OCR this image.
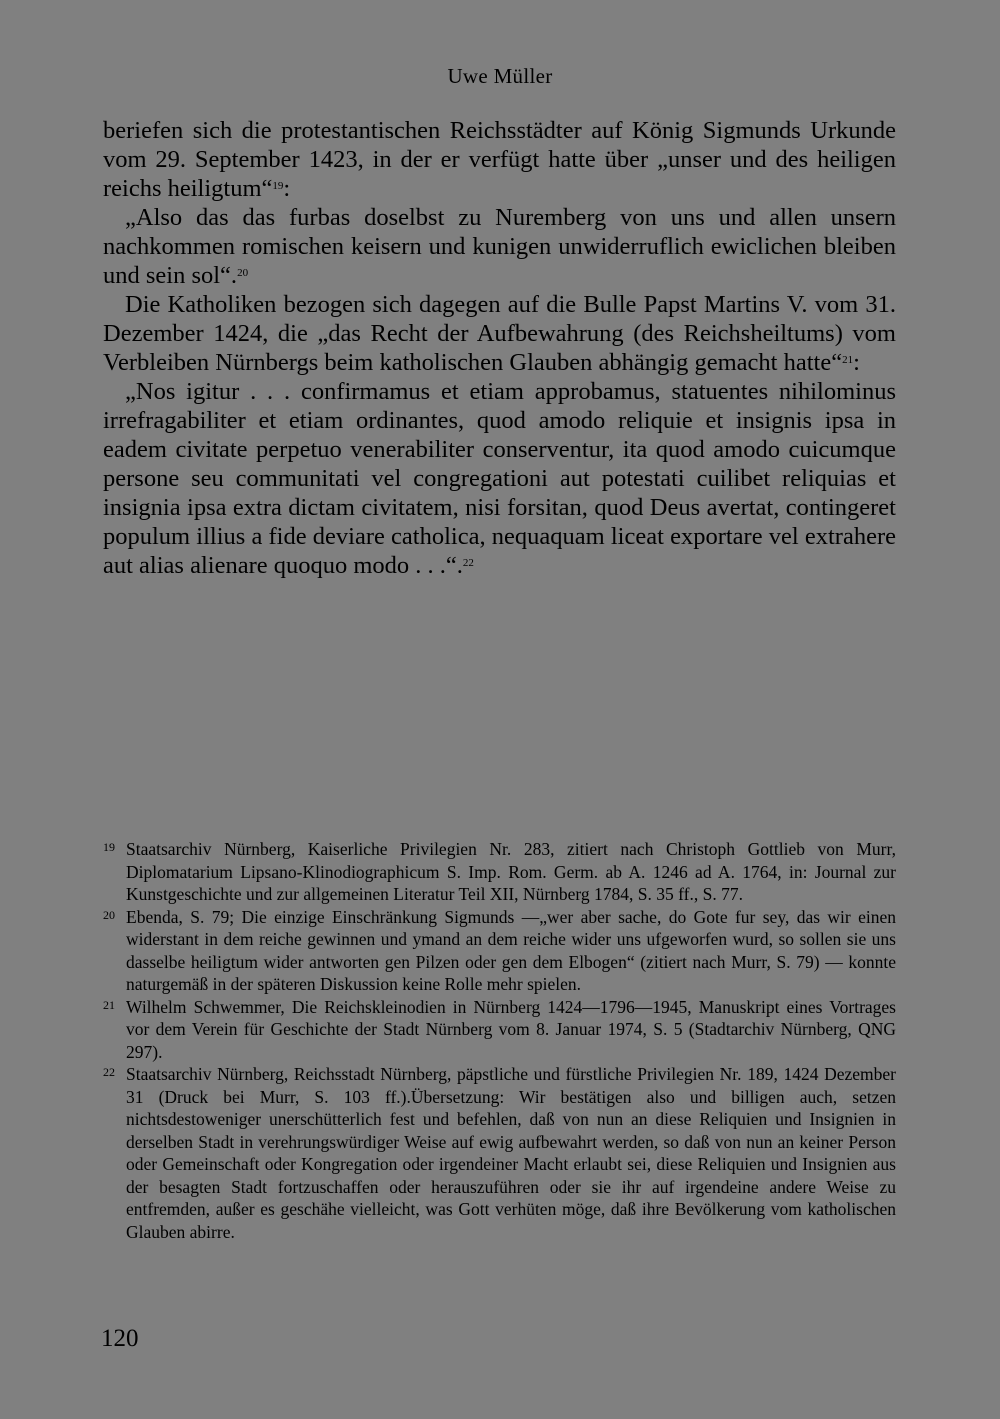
Uwe Müller

beriefen sich die protestantischen Reichsstädter auf König Sigmunds Urkunde vom 29. September 1423, in der er verfügt hatte über „unser und des heiligen reichs heiligtum“$^{19}$:

„Also das das furbas doselbst zu Nuremberg von uns und allen unsern nachkommen romischen keisern und kunigen unwiderruflich ewiclichen bleiben und sein sol“.$^{20}$

Die Katholiken bezogen sich dagegen auf die Bulle Papst Martins V. vom 31. Dezember 1424, die „das Recht der Aufbewahrung (des Reichsheiltums) vom Verbleiben Nürnbergs beim katholischen Glauben abhängig gemacht hatte“$^{21}$:

„Nos igitur . . . confirmamus et etiam approbamus, statuentes nihilominus irrefragabiliter et etiam ordinantes, quod amodo reliquie et insignis ipsa in eadem civitate perpetuo venerabiliter conserventur, ita quod amodo cuicumque persone seu communitati vel congregationi aut potestati cuilibet reliquias et insignia ipsa extra dictam civitatem, nisi forsitan, quod Deus avertat, contingeret populum illius a fide deviare catholica, nequaquam liceat exportare vel extrahere aut alias alienare quoquo modo . . .“.$^{22}$

19 Staatsarchiv Nürnberg, Kaiserliche Privilegien Nr. 283, zitiert nach Christoph Gottlieb von Murr, Diplomatarium Lipsano-Klinodiographicum S. Imp. Rom. Germ. ab A. 1246 ad A. 1764, in: Journal zur Kunstgeschichte und zur allgemeinen Literatur Teil XII, Nürnberg 1784, S. 35 ff., S. 77.

20 Ebenda, S. 79; Die einzige Einschränkung Sigmunds —„wer aber sache, do Gote fur sey, das wir einen widerstant in dem reiche gewinnen und ymand an dem reiche wider uns ufgeworfen wurd, so sollen sie uns dasselbe heiligtum wider antworten gen Pilzen oder gen dem Elbogen“ (zitiert nach Murr, S. 79) — konnte naturgemäß in der späteren Diskussion keine Rolle mehr spielen.

21 Wilhelm Schwemmer, Die Reichskleinodien in Nürnberg 1424—1796—1945, Manuskript eines Vortrages vor dem Verein für Geschichte der Stadt Nürnberg vom 8. Januar 1974, S. 5 (Stadtarchiv Nürnberg, QNG 297).

22 Staatsarchiv Nürnberg, Reichsstadt Nürnberg, päpstliche und fürstliche Privilegien Nr. 189, 1424 Dezember 31 (Druck bei Murr, S. 103 ff.).Übersetzung: Wir bestätigen also und billigen auch, setzen nichtsdestoweniger unerschütterlich fest und befehlen, daß von nun an diese Reliquien und Insignien in derselben Stadt in verehrungswürdiger Weise auf ewig aufbewahrt werden, so daß von nun an keiner Person oder Gemeinschaft oder Kongregation oder irgendeiner Macht erlaubt sei, diese Reliquien und Insignien aus der besagten Stadt fortzuschaffen oder herauszuführen oder sie ihr auf irgendeine andere Weise zu entfremden, außer es geschähe vielleicht, was Gott verhüten möge, daß ihre Bevölkerung vom katholischen Glauben abirre.

120
